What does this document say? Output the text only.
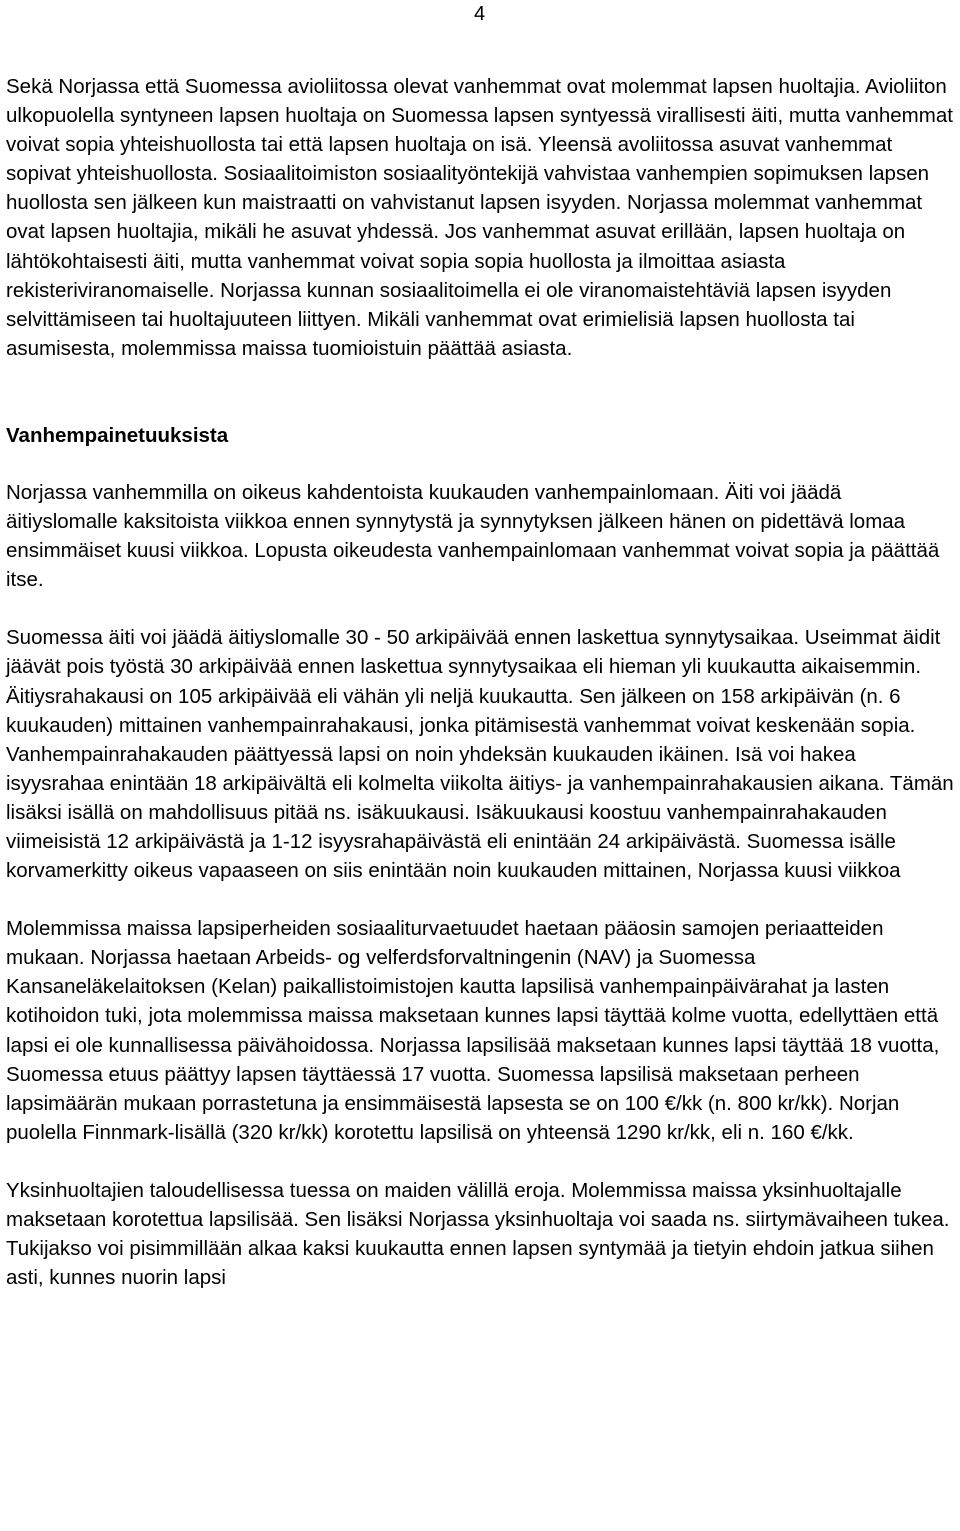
4

Sekä Norjassa että Suomessa avioliitossa olevat vanhemmat ovat molemmat lapsen huoltajia. Avioliiton ulkopuolella syntyneen lapsen huoltaja on Suomessa lapsen syntyessä virallisesti äiti, mutta vanhemmat voivat sopia yhteishuollosta tai että lapsen huoltaja on isä. Yleensä avoliitossa asuvat vanhemmat sopivat yhteishuollosta. Sosiaalitoimiston sosiaalityöntekijä vahvistaa vanhempien sopimuksen lapsen huollosta sen jälkeen kun maistraatti on vahvistanut lapsen isyyden. Norjassa molemmat vanhemmat ovat lapsen huoltajia, mikäli he asuvat yhdessä. Jos vanhemmat asuvat erillään, lapsen huoltaja on lähtökohtaisesti äiti, mutta vanhemmat voivat sopia sopia huollosta ja ilmoittaa asiasta rekisteriviranomaiselle. Norjassa kunnan sosiaalitoimella ei ole viranomaistehtäviä lapsen isyyden selvittämiseen tai huoltajuuteen liittyen. Mikäli vanhemmat ovat erimielisiä lapsen huollosta tai asumisesta, molemmissa maissa tuomioistuin päättää asiasta.

Vanhempainetuuksista

Norjassa vanhemmilla on oikeus kahdentoista kuukauden vanhempainlomaan. Äiti voi jäädä äitiyslomalle kaksitoista viikkoa ennen synnytystä ja synnytyksen jälkeen hänen on pidettävä lomaa ensimmäiset kuusi viikkoa. Lopusta oikeudesta vanhempainlomaan vanhemmat voivat sopia ja päättää itse.

Suomessa äiti voi jäädä äitiyslomalle 30 - 50 arkipäivää ennen laskettua synnytysaikaa. Useimmat äidit jäävät pois työstä 30 arkipäivää ennen laskettua synnytysaikaa eli hieman yli kuukautta aikaisemmin.

Äitiysrahakausi on 105 arkipäivää eli vähän yli neljä kuukautta. Sen jälkeen on 158 arkipäivän (n. 6 kuukauden) mittainen vanhempainrahakausi, jonka pitämisestä vanhemmat voivat keskenään sopia. Vanhempainrahakauden päättyessä lapsi on noin yhdeksän kuukauden ikäinen. Isä voi hakea isyysrahaa enintään 18 arkipäivältä eli kolmelta viikolta äitiys- ja vanhempainrahakausien aikana. Tämän lisäksi isällä on mahdollisuus pitää ns. isäkuukausi. Isäkuukausi koostuu vanhempainrahakauden viimeisistä 12 arkipäivästä ja 1-12 isyysrahapäivästä eli enintään 24 arkipäivästä. Suomessa isälle korvamerkitty oikeus vapaaseen on siis enintään noin kuukauden mittainen, Norjassa kuusi viikkoa

Molemmissa maissa lapsiperheiden sosiaaliturvaetuudet haetaan pääosin samojen periaatteiden mukaan. Norjassa haetaan Arbeids- og velferdsforvaltningenin (NAV) ja Suomessa Kansaneläkelaitoksen (Kelan) paikallistoimistojen kautta lapsilisä vanhempainpäivärahat ja lasten kotihoidon tuki, jota molemmissa maissa maksetaan kunnes lapsi täyttää kolme vuotta, edellyttäen että lapsi ei ole kunnallisessa päivähoidossa. Norjassa lapsilisää maksetaan kunnes lapsi täyttää 18 vuotta, Suomessa etuus päättyy lapsen täyttäessä 17 vuotta. Suomessa lapsilisä maksetaan perheen lapsimäärän mukaan porrastetuna ja ensimmäisestä lapsesta se on 100 €/kk (n. 800 kr/kk). Norjan puolella Finnmark-lisällä (320 kr/kk) korotettu lapsilisä on yhteensä 1290 kr/kk, eli n. 160 €/kk.

Yksinhuoltajien taloudellisessa tuessa on maiden välillä eroja. Molemmissa maissa yksinhuoltajalle maksetaan korotettua lapsilisää. Sen lisäksi Norjassa yksinhuoltaja voi saada ns. siirtymävaiheen tukea. Tukijakso voi pisimmillään alkaa kaksi kuukautta ennen lapsen syntymää ja tietyin ehdoin jatkua siihen asti, kunnes nuorin lapsi
